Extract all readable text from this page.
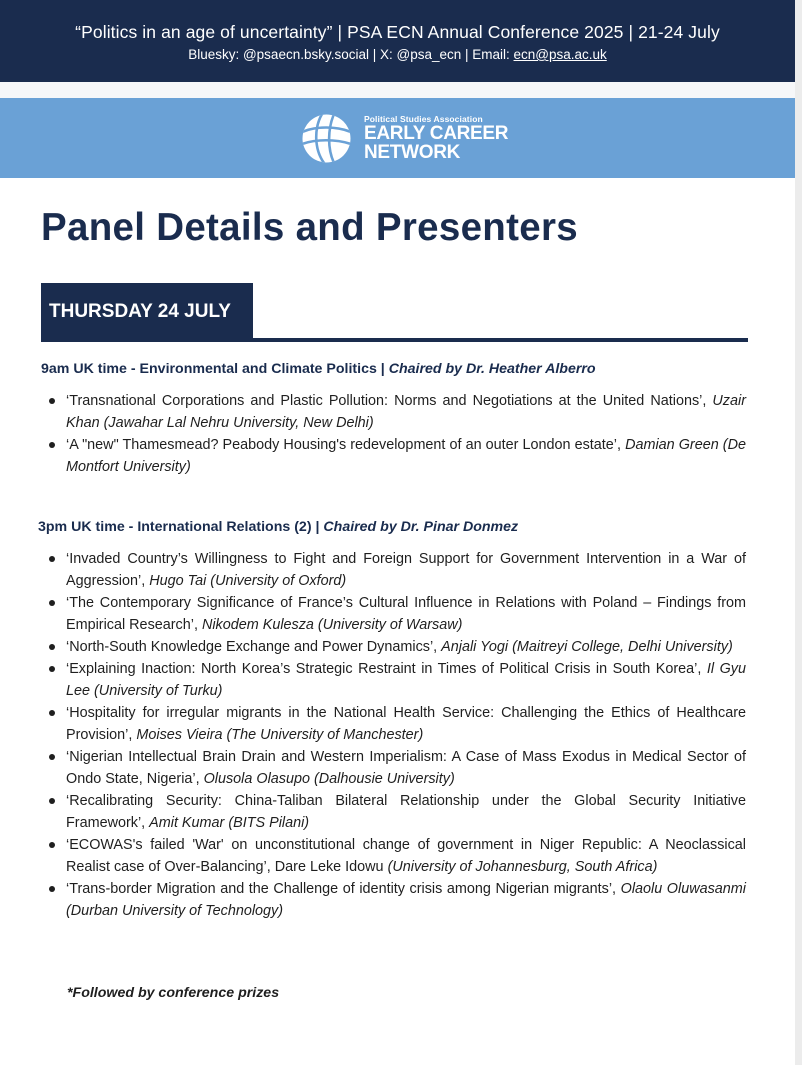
“Politics in an age of uncertainty” | PSA ECN Annual Conference 2025 | 21-24 July
Bluesky: @psaecn.bsky.social | X: @psa_ecn | Email: ecn@psa.ac.uk
Political Studies Association
EARLY CAREER
NETWORK
Panel Details and Presenters
THURSDAY 24 JULY
9am UK time - Environmental and Climate Politics | Chaired by Dr. Heather Alberro
‘Transnational Corporations and Plastic Pollution: Norms and Negotiations at the United Nations’, Uzair Khan (Jawahar Lal Nehru University, New Delhi)
‘A "new" Thamesmead? Peabody Housing's redevelopment of an outer London estate’, Damian Green (De Montfort University)
3pm UK time - International Relations (2) | Chaired by Dr. Pinar Donmez
‘Invaded Country’s Willingness to Fight and Foreign Support for Government Intervention in a War of Aggression’, Hugo Tai (University of Oxford)
‘The Contemporary Significance of France’s Cultural Influence in Relations with Poland – Findings from Empirical Research’, Nikodem Kulesza (University of Warsaw)
‘North-South Knowledge Exchange and Power Dynamics’, Anjali Yogi (Maitreyi College, Delhi University)
‘Explaining Inaction: North Korea’s Strategic Restraint in Times of Political Crisis in South Korea’, Il Gyu Lee (University of Turku)
‘Hospitality for irregular migrants in the National Health Service: Challenging the Ethics of Healthcare Provision’, Moises Vieira (The University of Manchester)
‘Nigerian Intellectual Brain Drain and Western Imperialism: A Case of Mass Exodus in Medical Sector of Ondo State, Nigeria’, Olusola Olasupo (Dalhousie University)
‘Recalibrating Security: China-Taliban Bilateral Relationship under the Global Security Initiative Framework’, Amit Kumar (BITS Pilani)
‘ECOWAS's failed 'War' on unconstitutional change of government in Niger Republic: A Neoclassical Realist case of Over-Balancing’, Dare Leke Idowu (University of Johannesburg, South Africa)
‘Trans-border Migration and the Challenge of identity crisis among Nigerian migrants’, Olaolu Oluwasanmi (Durban University of Technology)
*Followed by conference prizes
